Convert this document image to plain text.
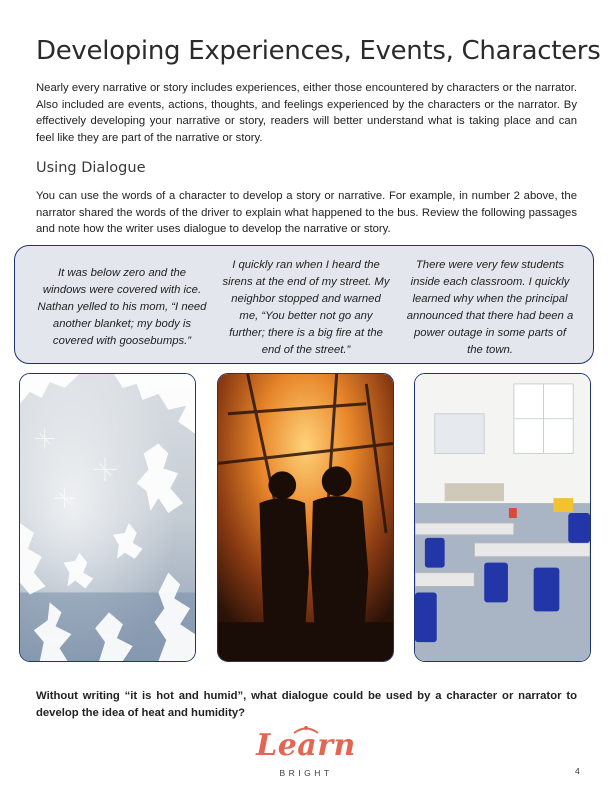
Developing Experiences, Events, Characters

Nearly every narrative or story includes experiences, either those encountered by characters or the narrator. Also included are events, actions, thoughts, and feelings experienced by the characters or the narrator. By effectively developing your narrative or story, readers will better understand what is taking place and can feel like they are part of the narrative or story.

Using Dialogue

You can use the words of a character to develop a story or narrative. For example, in number 2 above, the narrator shared the words of the driver to explain what happened to the bus. Review the following passages and note how the writer uses dialogue to develop the narrative or story.

It was below zero and the windows were covered with ice. Nathan yelled to his mom, “I need another blanket; my body is covered with goosebumps.”

I quickly ran when I heard the sirens at the end of my street. My neighbor stopped and warned me, “You better not go any further; there is a big fire at the end of the street.”

There were very few students inside each classroom. I quickly learned why when the principal announced that there had been a power outage in some parts of the town.

Without writing “it is hot and humid”, what dialogue could be used by a character or narrator to develop the idea of heat and humidity?

Learn
BRIGHT	4
